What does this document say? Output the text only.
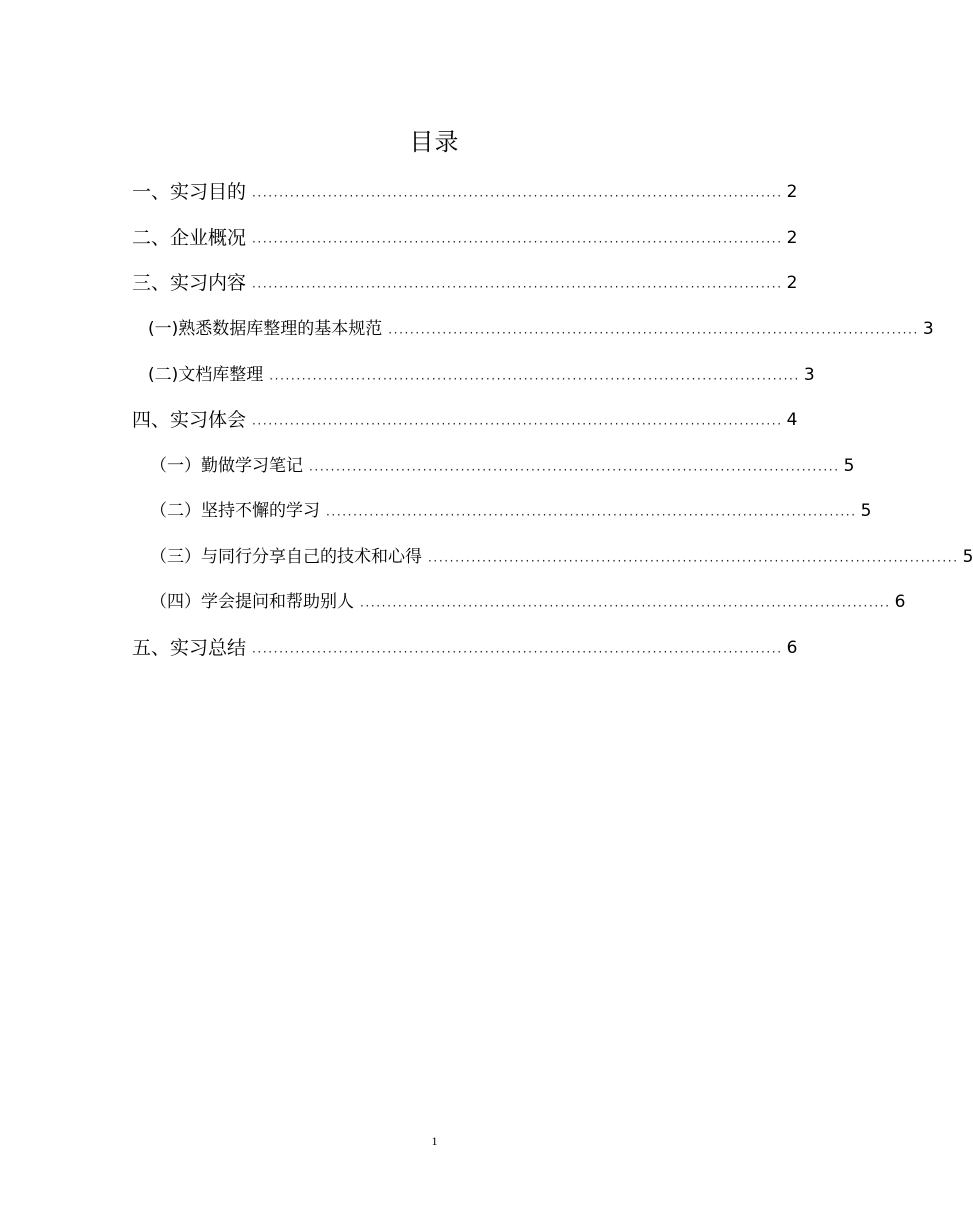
目录
一、实习目的 ·································································································· 2
二、企业概况 ·································································································· 2
三、实习内容 ·································································································· 2
(一)熟悉数据库整理的基本规范 ·································································································· 3
(二)文档库整理 ·································································································· 3
四、实习体会 ·································································································· 4
（一）勤做学习笔记 ·································································································· 5
（二）坚持不懈的学习 ·································································································· 5
（三）与同行分享自己的技术和心得 ·································································································· 5
（四）学会提问和帮助别人 ·································································································· 6
五、实习总结 ·································································································· 6
1
